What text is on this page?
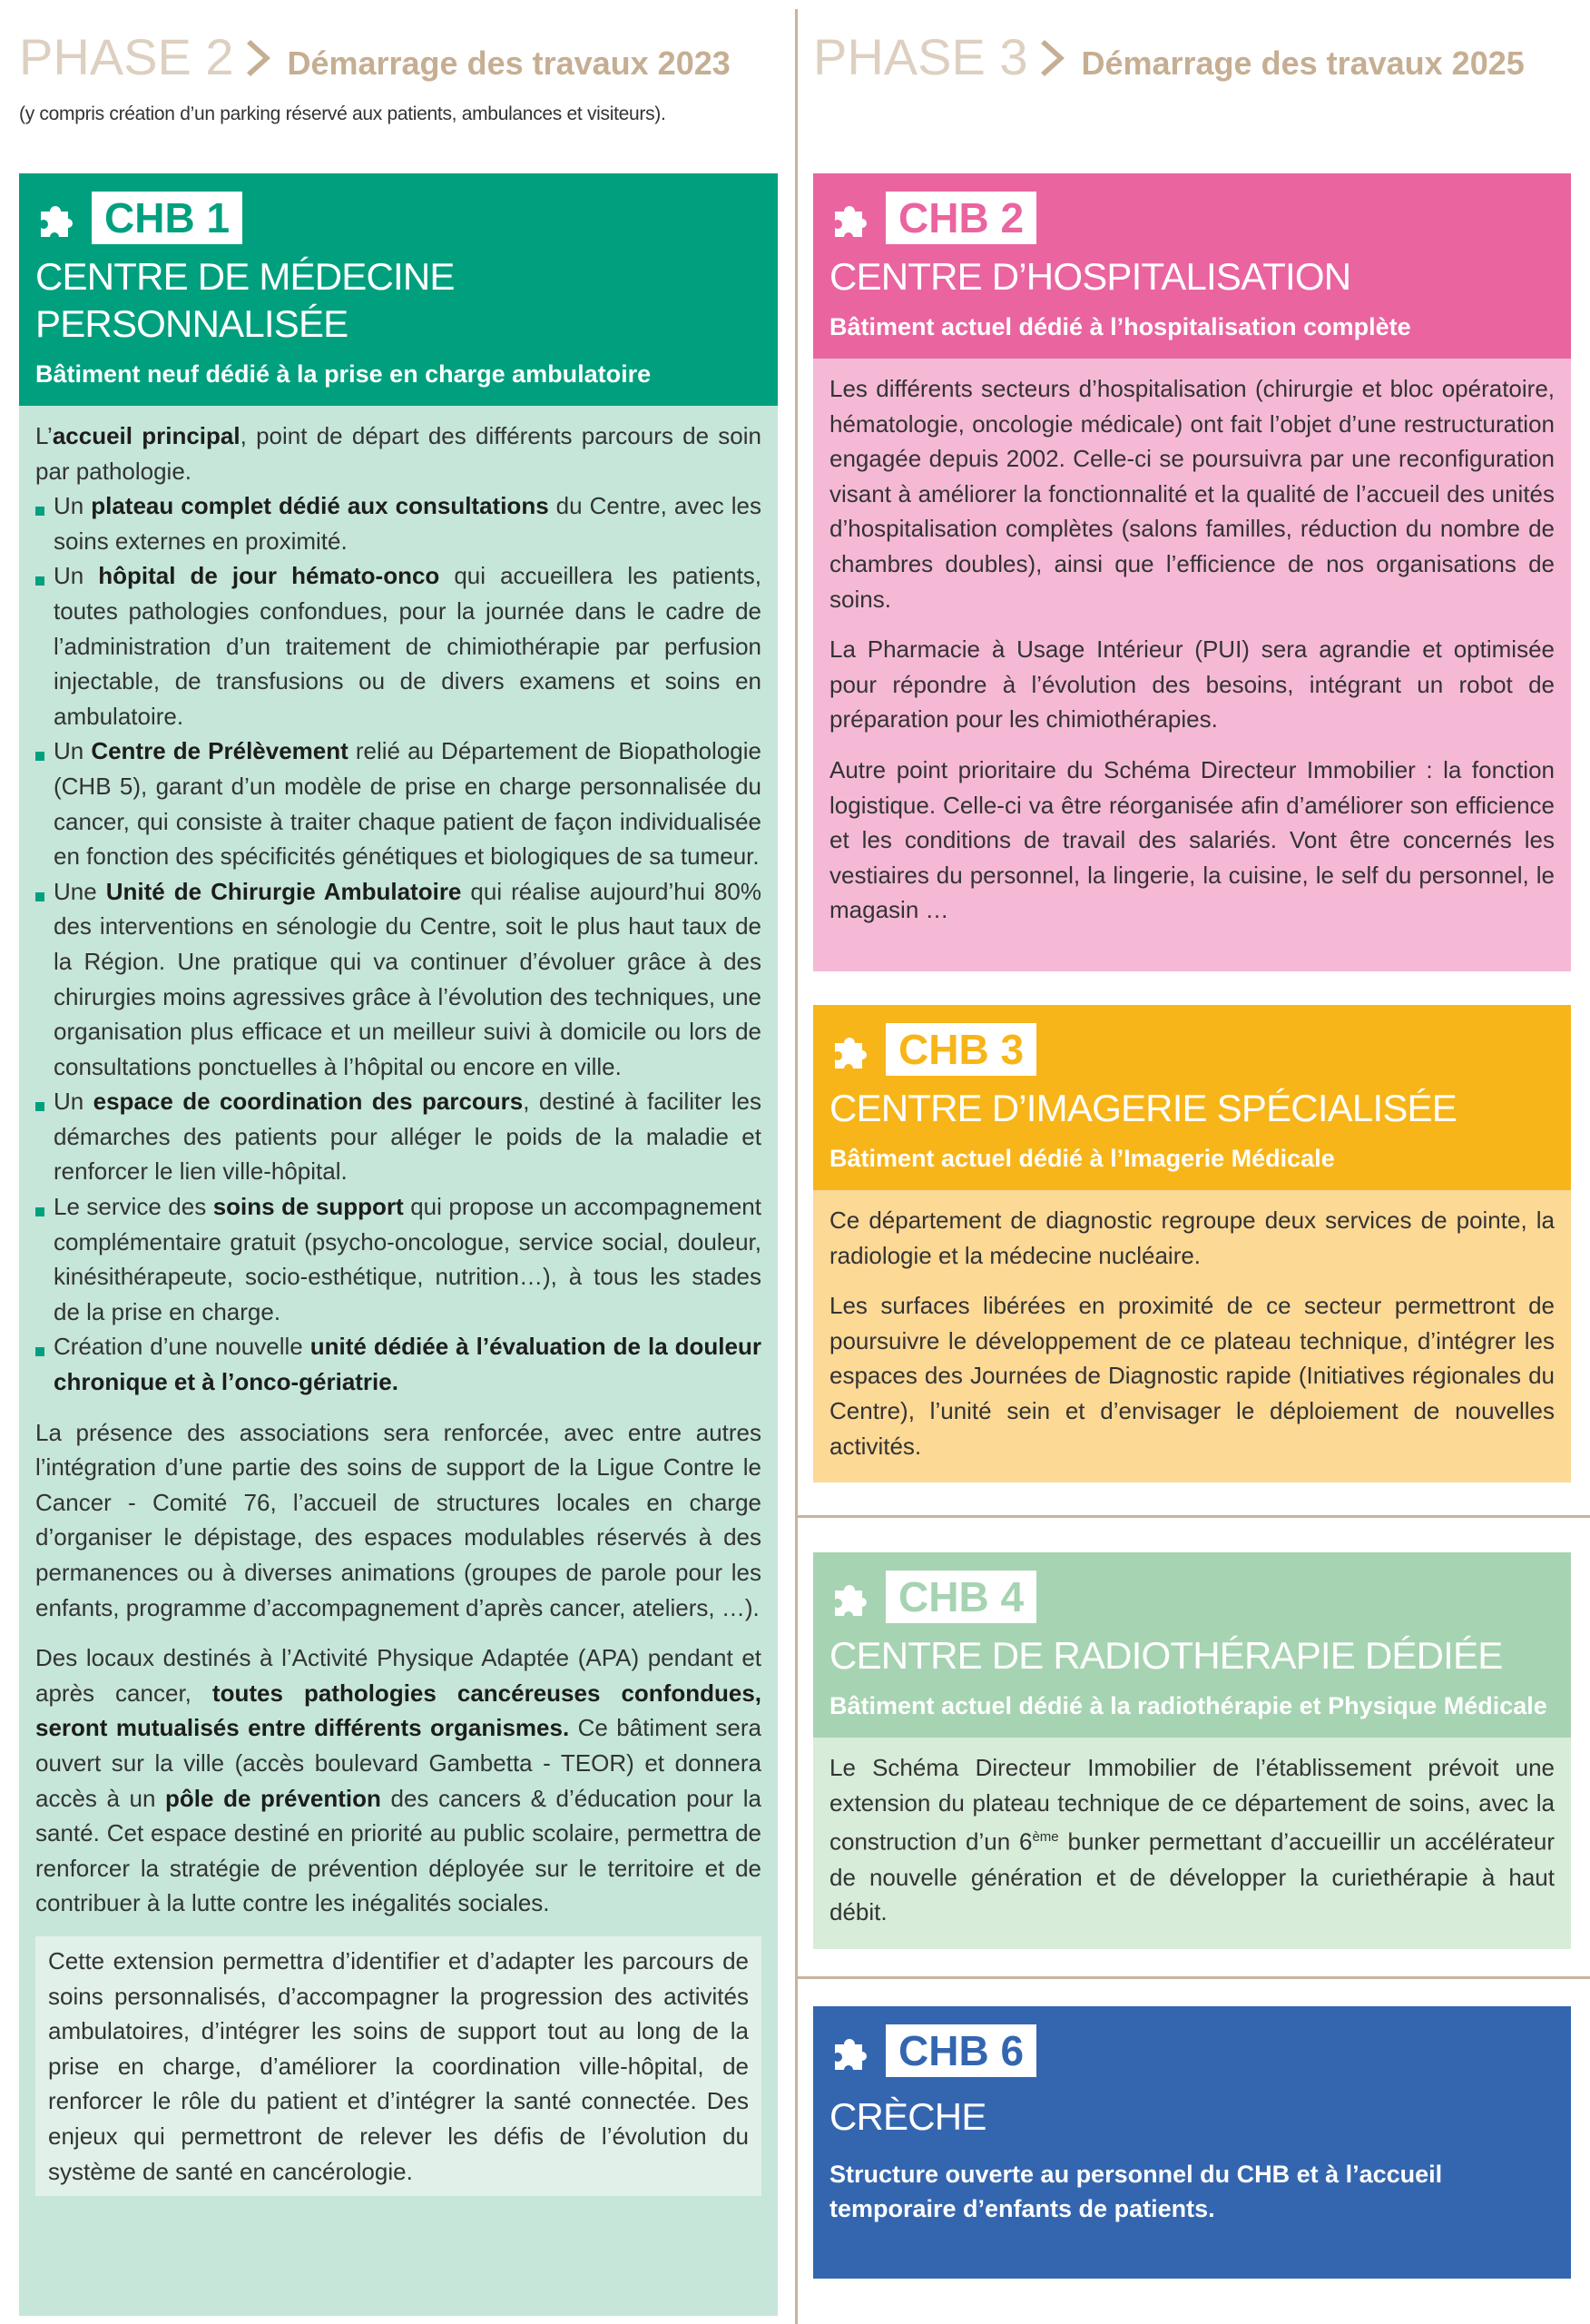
PHASE 2 Démarrage des travaux 2023
(y compris création d’un parking réservé aux patients, ambulances et visiteurs).
PHASE 3 Démarrage des travaux 2025
CHB 1
CENTRE DE MÉDECINE PERSONNALISÉE
Bâtiment neuf dédié à la prise en charge ambulatoire

L’accueil principal, point de départ des différents parcours de soin par pathologie.

Un plateau complet dédié aux consultations du Centre, avec les soins externes en proximité.
Un hôpital de jour hémato-onco qui accueillera les patients, toutes pathologies confondues, pour la journée dans le cadre de l’administration d’un traitement de chimiothérapie par perfusion injectable, de transfusions ou de divers examens et soins en ambulatoire.
Un Centre de Prélèvement relié au Département de Biopathologie (CHB 5), garant d’un modèle de prise en charge personnalisée du cancer, qui consiste à traiter chaque patient de façon individualisée en fonction des spécificités génétiques et biologiques de sa tumeur.
Une Unité de Chirurgie Ambulatoire qui réalise aujourd’hui 80% des interventions en sénologie du Centre, soit le plus haut taux de la Région. Une pratique qui va continuer d’évoluer grâce à des chirurgies moins agressives grâce à l’évolution des techniques, une organisation plus efficace et un meilleur suivi à domicile ou lors de consultations ponctuelles à l’hôpital ou encore en ville.
Un espace de coordination des parcours, destiné à faciliter les démarches des patients pour alléger le poids de la maladie et renforcer le lien ville-hôpital.
Le service des soins de support qui propose un accompagnement complémentaire gratuit (psycho-oncologue, service social, douleur, kinésithérapeute, socio-esthétique, nutrition…), à tous les stades de la prise en charge.
Création d’une nouvelle unité dédiée à l’évaluation de la douleur chronique et à l’onco-gériatrie.

La présence des associations sera renforcée, avec entre autres l’intégration d’une partie des soins de support de la Ligue Contre le Cancer - Comité 76, l’accueil de structures locales en charge d’organiser le dépistage, des espaces modulables réservés à des permanences ou à diverses animations (groupes de parole pour les enfants, programme d’accompagnement d’après cancer, ateliers, …).

Des locaux destinés à l’Activité Physique Adaptée (APA) pendant et après cancer, toutes pathologies cancéreuses confondues, seront mutualisés entre différents organismes. Ce bâtiment sera ouvert sur la ville (accès boulevard Gambetta - TEOR) et donnera accès à un pôle de prévention des cancers & d’éducation pour la santé. Cet espace destiné en priorité au public scolaire, permettra de renforcer la stratégie de prévention déployée sur le territoire et de contribuer à la lutte contre les inégalités sociales.

Cette extension permettra d’identifier et d’adapter les parcours de soins personnalisés, d’accompagner la progression des activités ambulatoires, d’intégrer les soins de support tout au long de la prise en charge, d’améliorer la coordination ville-hôpital, de renforcer le rôle du patient et d’intégrer la santé connectée. Des enjeux qui permettront de relever les défis de l’évolution du système de santé en cancérologie.

CHB 2
CENTRE D’HOSPITALISATION
Bâtiment actuel dédié à l’hospitalisation complète

Les différents secteurs d’hospitalisation (chirurgie et bloc opératoire, hématologie, oncologie médicale) ont fait l’objet d’une restructuration engagée depuis 2002. Celle-ci se poursuivra par une reconfiguration visant à améliorer la fonctionnalité et la qualité de l’accueil des unités d’hospitalisation complètes (salons familles, réduction du nombre de chambres doubles), ainsi que l’efficience de nos organisations de soins.

La Pharmacie à Usage Intérieur (PUI) sera agrandie et optimisée pour répondre à l’évolution des besoins, intégrant un robot de préparation pour les chimiothérapies.

Autre point prioritaire du Schéma Directeur Immobilier : la fonction logistique. Celle-ci va être réorganisée afin d’améliorer son efficience et les conditions de travail des salariés. Vont être concernés les vestiaires du personnel, la lingerie, la cuisine, le self du personnel, le magasin …

CHB 3
CENTRE D’IMAGERIE SPÉCIALISÉE
Bâtiment actuel dédié à l’Imagerie Médicale

Ce département de diagnostic regroupe deux services de pointe, la radiologie et la médecine nucléaire.

Les surfaces libérées en proximité de ce secteur permettront de poursuivre le développement de ce plateau technique, d’intégrer les espaces des Journées de Diagnostic rapide (Initiatives régionales du Centre), l’unité sein et d’envisager le déploiement de nouvelles activités.

CHB 4
CENTRE DE RADIOTHÉRAPIE DÉDIÉE
Bâtiment actuel dédié à la radiothérapie et Physique Médicale

Le Schéma Directeur Immobilier de l’établissement prévoit une extension du plateau technique de ce département de soins, avec la construction d’un 6ème bunker permettant d’accueillir un accélérateur de nouvelle génération et de développer la curiethérapie à haut débit.

CHB 6
CRÈCHE
Structure ouverte au personnel du CHB et à l’accueil temporaire d’enfants de patients.
